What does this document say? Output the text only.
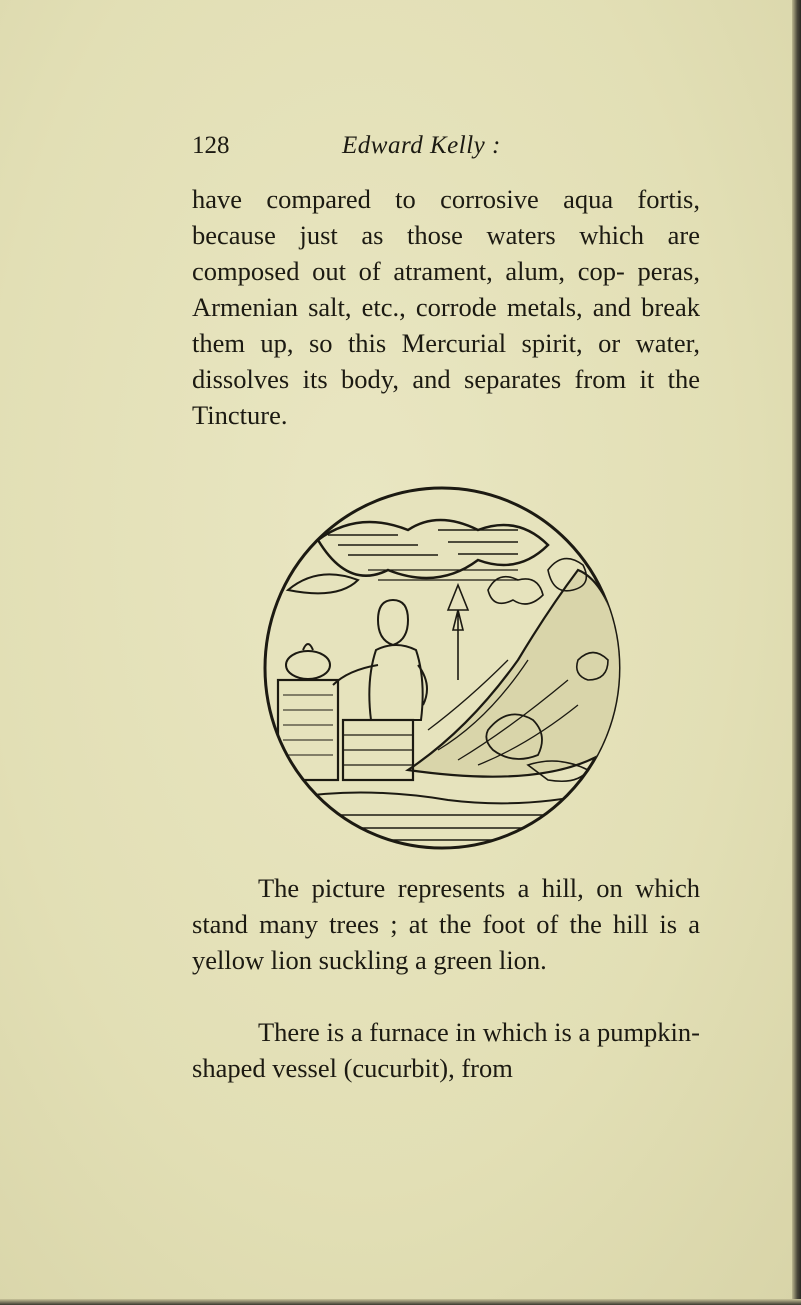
128	Edward Kelly :

have compared to corrosive aqua fortis, because just as those waters which are composed out of atrament, alum, cop- peras, Armenian salt, etc., corrode metals, and break them up, so this Mercurial spirit, or water, dissolves its body, and separates from it the Tincture.

The picture represents a hill, on which stand many trees ; at the foot of the hill is a yellow lion suckling a green lion.

There is a furnace in which is a pumpkin-shaped vessel (cucurbit), from
